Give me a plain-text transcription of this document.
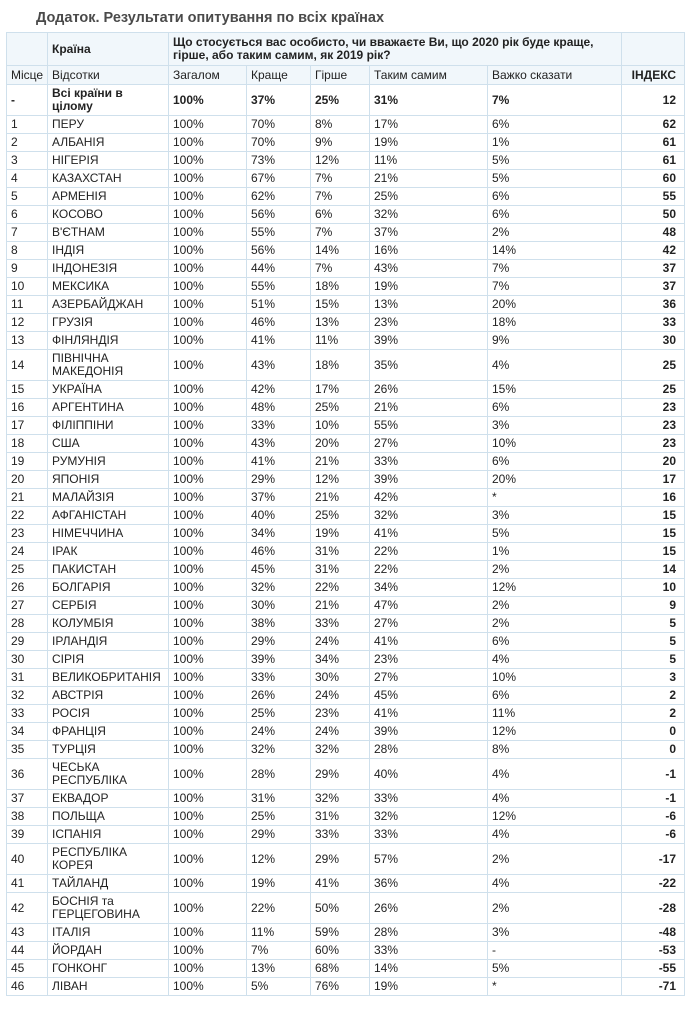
Додаток. Результати опитування по всіх країнах
	Країна	Що стосується вас особисто, чи вважаєте Ви, що 2020 рік буде краще, гірше, або таким самим, як 2019 рік?					
Місце	Відсотки	Загалом	Краще	Гірше	Таким самим	Важко сказати	ІНДЕКС
-	Всі країни в цілому	100%	37%	25%	31%	7%	12
1	ПЕРУ	100%	70%	8%	17%	6%	62
2	АЛБАНІЯ	100%	70%	9%	19%	1%	61
3	НІГЕРІЯ	100%	73%	12%	11%	5%	61
4	КАЗАХСТАН	100%	67%	7%	21%	5%	60
5	АРМЕНІЯ	100%	62%	7%	25%	6%	55
6	КОСОВО	100%	56%	6%	32%	6%	50
7	В'ЄТНАМ	100%	55%	7%	37%	2%	48
8	ІНДІЯ	100%	56%	14%	16%	14%	42
9	ІНДОНЕЗІЯ	100%	44%	7%	43%	7%	37
10	МЕКСИКА	100%	55%	18%	19%	7%	37
11	АЗЕРБАЙДЖАН	100%	51%	15%	13%	20%	36
12	ГРУЗІЯ	100%	46%	13%	23%	18%	33
13	ФІНЛЯНДІЯ	100%	41%	11%	39%	9%	30
14	ПІВНІЧНА МАКЕДОНІЯ	100%	43%	18%	35%	4%	25
15	УКРАЇНА	100%	42%	17%	26%	15%	25
16	АРГЕНТИНА	100%	48%	25%	21%	6%	23
17	ФІЛІППІНИ	100%	33%	10%	55%	3%	23
18	США	100%	43%	20%	27%	10%	23
19	РУМУНІЯ	100%	41%	21%	33%	6%	20
20	ЯПОНІЯ	100%	29%	12%	39%	20%	17
21	МАЛАЙЗІЯ	100%	37%	21%	42%	*	16
22	АФГАНІСТАН	100%	40%	25%	32%	3%	15
23	НІМЕЧЧИНА	100%	34%	19%	41%	5%	15
24	ІРАК	100%	46%	31%	22%	1%	15
25	ПАКИСТАН	100%	45%	31%	22%	2%	14
26	БОЛГАРІЯ	100%	32%	22%	34%	12%	10
27	СЕРБІЯ	100%	30%	21%	47%	2%	9
28	КОЛУМБІЯ	100%	38%	33%	27%	2%	5
29	ІРЛАНДІЯ	100%	29%	24%	41%	6%	5
30	СІРІЯ	100%	39%	34%	23%	4%	5
31	ВЕЛИКОБРИТАНІЯ	100%	33%	30%	27%	10%	3
32	АВСТРІЯ	100%	26%	24%	45%	6%	2
33	РОСІЯ	100%	25%	23%	41%	11%	2
34	ФРАНЦІЯ	100%	24%	24%	39%	12%	0
35	ТУРЦІЯ	100%	32%	32%	28%	8%	0
36	ЧЕСЬКА РЕСПУБЛІКА	100%	28%	29%	40%	4%	-1
37	ЕКВАДОР	100%	31%	32%	33%	4%	-1
38	ПОЛЬЩА	100%	25%	31%	32%	12%	-6
39	ІСПАНІЯ	100%	29%	33%	33%	4%	-6
40	РЕСПУБЛІКА КОРЕЯ	100%	12%	29%	57%	2%	-17
41	ТАЙЛАНД	100%	19%	41%	36%	4%	-22
42	БОСНІЯ та ГЕРЦЕГОВИНА	100%	22%	50%	26%	2%	-28
43	ІТАЛІЯ	100%	11%	59%	28%	3%	-48
44	ЙОРДАН	100%	7%	60%	33%	-	-53
45	ГОНКОНГ	100%	13%	68%	14%	5%	-55
46	ЛІВАН	100%	5%	76%	19%	*	-71
